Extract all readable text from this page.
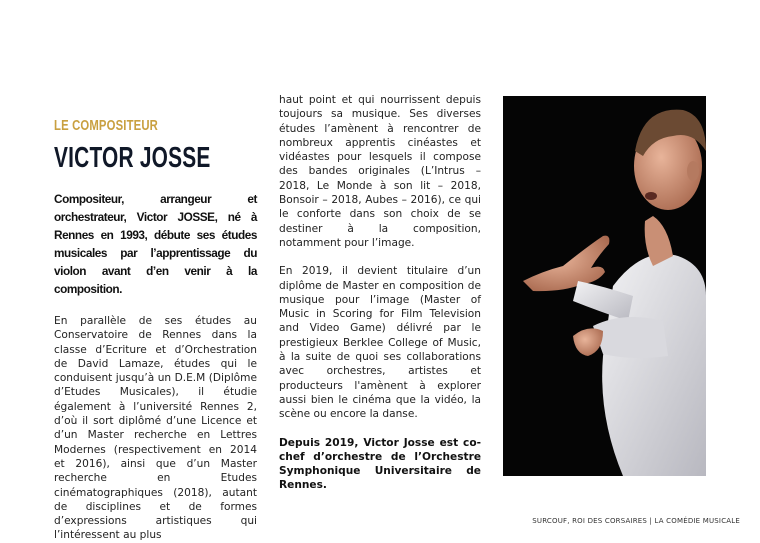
LE COMPOSITEUR
VICTOR JOSSE

Compositeur, arrangeur et orchestrateur, Victor JOSSE, né à Rennes en 1993, débute ses études musicales par l’apprentissage du violon avant d’en venir à la composition.

En parallèle de ses études au Conservatoire de Rennes dans la classe d’Ecriture et d’Orchestration de David Lamaze, études qui le conduisent jusqu’à un D.E.M (Diplôme d’Etudes Musicales), il étudie également à l’université Rennes 2, d’où il sort diplômé d’une Licence et d’un Master recherche en Lettres Modernes (respectivement en 2014 et 2016), ainsi que d’un Master recherche en Etudes cinématographiques (2018), autant de disciplines et de formes d’expressions artistiques qui l’intéressent au plus

haut point et qui nourrissent depuis toujours sa musique. Ses diverses études l’amènent à rencontrer de nombreux apprentis cinéastes et vidéastes pour lesquels il compose des bandes originales (L’Intrus – 2018, Le Monde à son lit – 2018, Bonsoir – 2018, Aubes – 2016), ce qui le conforte dans son choix de se destiner à la composition, notamment pour l’image.

En 2019, il devient titulaire d’un diplôme de Master en composition de musique pour l’image (Master of Music in Scoring for Film Television and Video Game) délivré par le prestigieux Berklee College of Music, à la suite de quoi ses collaborations avec orchestres, artistes et producteurs l'amènent à explorer aussi bien le cinéma que la vidéo, la scène ou encore la danse.

Depuis 2019, Victor Josse est co-chef d’orchestre de l’Orchestre Symphonique Universitaire de Rennes.

SURCOUF, ROI DES CORSAIRES | LA COMÉDIE MUSICALE
